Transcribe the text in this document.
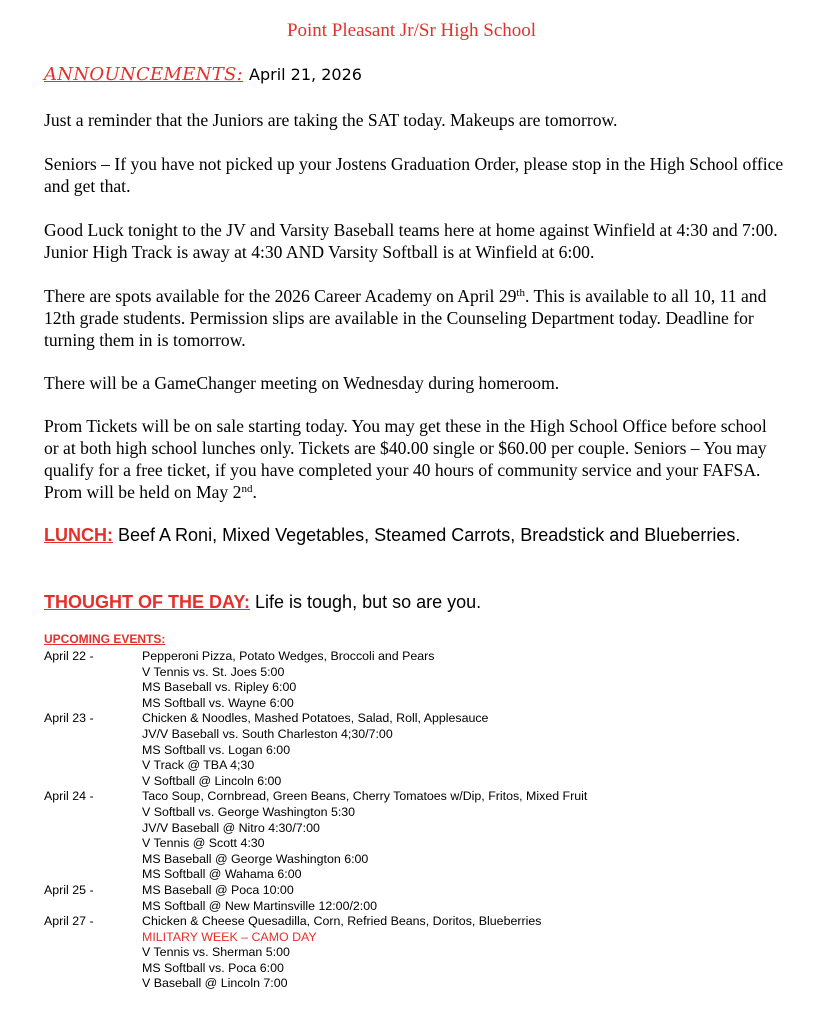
Point Pleasant Jr/Sr High School
ANNOUNCEMENTS: April 21, 2026
Just a reminder that the Juniors are taking the SAT today. Makeups are tomorrow.
Seniors – If you have not picked up your Jostens Graduation Order, please stop in the High School office and get that.
Good Luck tonight to the JV and Varsity Baseball teams here at home against Winfield at 4:30 and 7:00. Junior High Track is away at 4:30 AND Varsity Softball is at Winfield at 6:00.
There are spots available for the 2026 Career Academy on April 29th. This is available to all 10, 11 and 12th grade students. Permission slips are available in the Counseling Department today. Deadline for turning them in is tomorrow.
There will be a GameChanger meeting on Wednesday during homeroom.
Prom Tickets will be on sale starting today. You may get these in the High School Office before school or at both high school lunches only. Tickets are $40.00 single or $60.00 per couple. Seniors – You may qualify for a free ticket, if you have completed your 40 hours of community service and your FAFSA. Prom will be held on May 2nd.
LUNCH: Beef A Roni, Mixed Vegetables, Steamed Carrots, Breadstick and Blueberries.
THOUGHT OF THE DAY: Life is tough, but so are you.
UPCOMING EVENTS:
April 22 -	Pepperoni Pizza, Potato Wedges, Broccoli and Pears
V Tennis vs. St. Joes 5:00
MS Baseball vs. Ripley 6:00
MS Softball vs. Wayne 6:00
April 23 -	Chicken & Noodles, Mashed Potatoes, Salad, Roll, Applesauce
JV/V Baseball vs. South Charleston 4;30/7:00
MS Softball vs. Logan 6:00
V Track @ TBA 4;30
V Softball @ Lincoln 6:00
April 24 -	Taco Soup, Cornbread, Green Beans, Cherry Tomatoes w/Dip, Fritos, Mixed Fruit
V Softball vs. George Washington 5:30
JV/V Baseball @ Nitro 4:30/7:00
V Tennis @ Scott 4:30
MS Baseball @ George Washington 6:00
MS Softball @ Wahama 6:00
April 25 -	MS Baseball @ Poca 10:00
MS Softball @ New Martinsville 12:00/2:00
April 27 -	Chicken & Cheese Quesadilla, Corn, Refried Beans, Doritos, Blueberries
MILITARY WEEK – CAMO DAY
V Tennis vs. Sherman 5:00
MS Softball vs. Poca 6:00
V Baseball @ Lincoln 7:00
